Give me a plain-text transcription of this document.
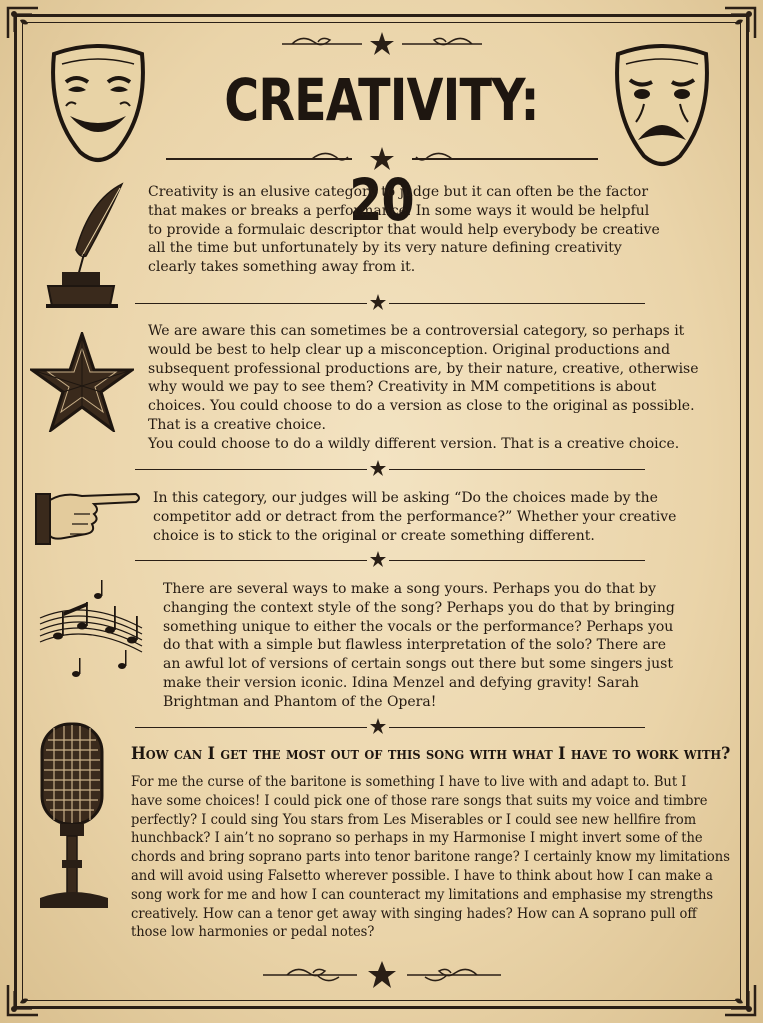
CREATIVITY: 20
Creativity is an elusive category to judge but it can often be the factor
that makes or breaks a performance. In some ways it would be helpful
to provide a formulaic descriptor that would help everybody be creative
all the time but unfortunately by its very nature defining creativity
clearly takes something away from it.
We are aware this can sometimes be a controversial category, so perhaps it
would be best to help clear up a misconception. Original productions and
subsequent professional productions are, by their nature, creative, otherwise
why would we pay to see them? Creativity in MM competitions is about
choices. You could choose to do a version as close to the original as possible.
That is a creative choice.
You could choose to do a wildly different version. That is a creative choice.
In this category, our judges will be asking “Do the choices made by the
competitor add or detract from the performance?” Whether your creative
choice is to stick to the original or create something different.
There are several ways to make a song yours. Perhaps you do that by
changing the context style of the song? Perhaps you do that by bringing
something unique to either the vocals or the performance? Perhaps you
do that with a simple but flawless interpretation of the solo? There are
an awful lot of versions of certain songs out there but some singers just
make their version iconic. Idina Menzel and defying gravity! Sarah
Brightman and Phantom of the Opera!
How can I get the most out of this song with what I have to work with?
For me the curse of the baritone is something I have to live with and adapt to. But I
have some choices! I could pick one of those rare songs that suits my voice and timbre
perfectly? I could sing You stars from Les Miserables or I could see new hellfire from
hunchback? I ain’t no soprano so perhaps in my Harmonise I might invert some of the
chords and bring soprano parts into tenor baritone range? I certainly know my limitations
and will avoid using Falsetto wherever possible. I have to think about how I can make a
song work for me and how I can counteract my limitations and emphasise my strengths
creatively. How can a tenor get away with singing hades? How can A soprano pull off
those low harmonies or pedal notes?
